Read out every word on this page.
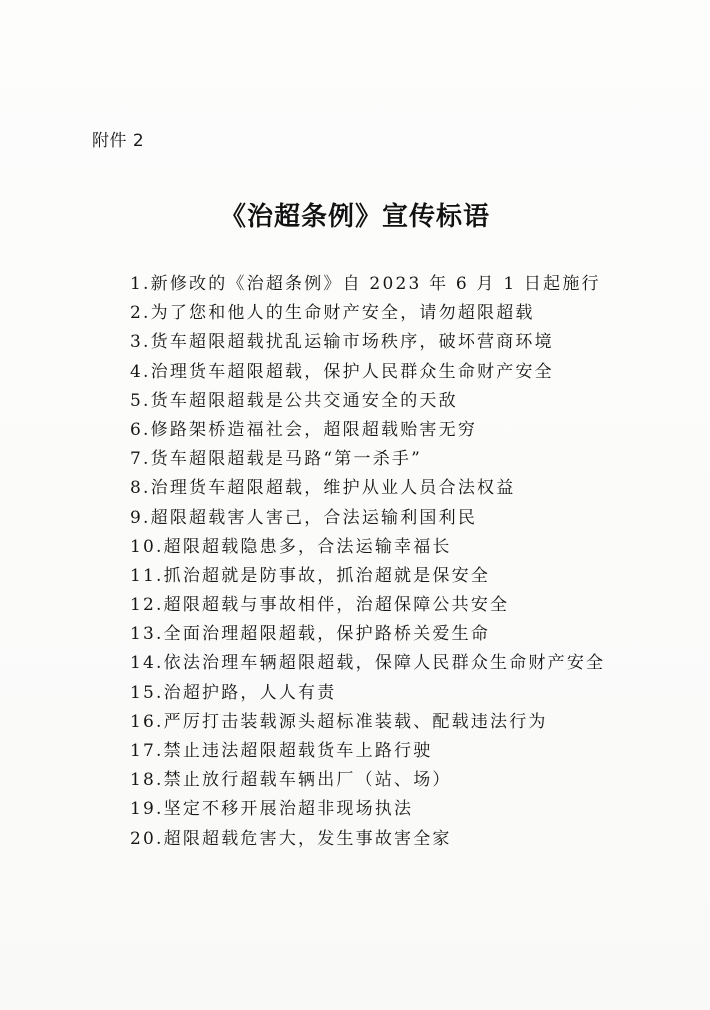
附件 2
《治超条例》宣传标语
1.新修改的《治超条例》自 2023 年 6 月 1 日起施行
2.为了您和他人的生命财产安全，请勿超限超载
3.货车超限超载扰乱运输市场秩序，破坏营商环境
4.治理货车超限超载，保护人民群众生命财产安全
5.货车超限超载是公共交通安全的天敌
6.修路架桥造福社会，超限超载贻害无穷
7.货车超限超载是马路“第一杀手”
8.治理货车超限超载，维护从业人员合法权益
9.超限超载害人害己，合法运输利国利民
10.超限超载隐患多，合法运输幸福长
11.抓治超就是防事故，抓治超就是保安全
12.超限超载与事故相伴，治超保障公共安全
13.全面治理超限超载，保护路桥关爱生命
14.依法治理车辆超限超载，保障人民群众生命财产安全
15.治超护路，人人有责
16.严厉打击装载源头超标准装载、配载违法行为
17.禁止违法超限超载货车上路行驶
18.禁止放行超载车辆出厂（站、场）
19.坚定不移开展治超非现场执法
20.超限超载危害大，发生事故害全家
